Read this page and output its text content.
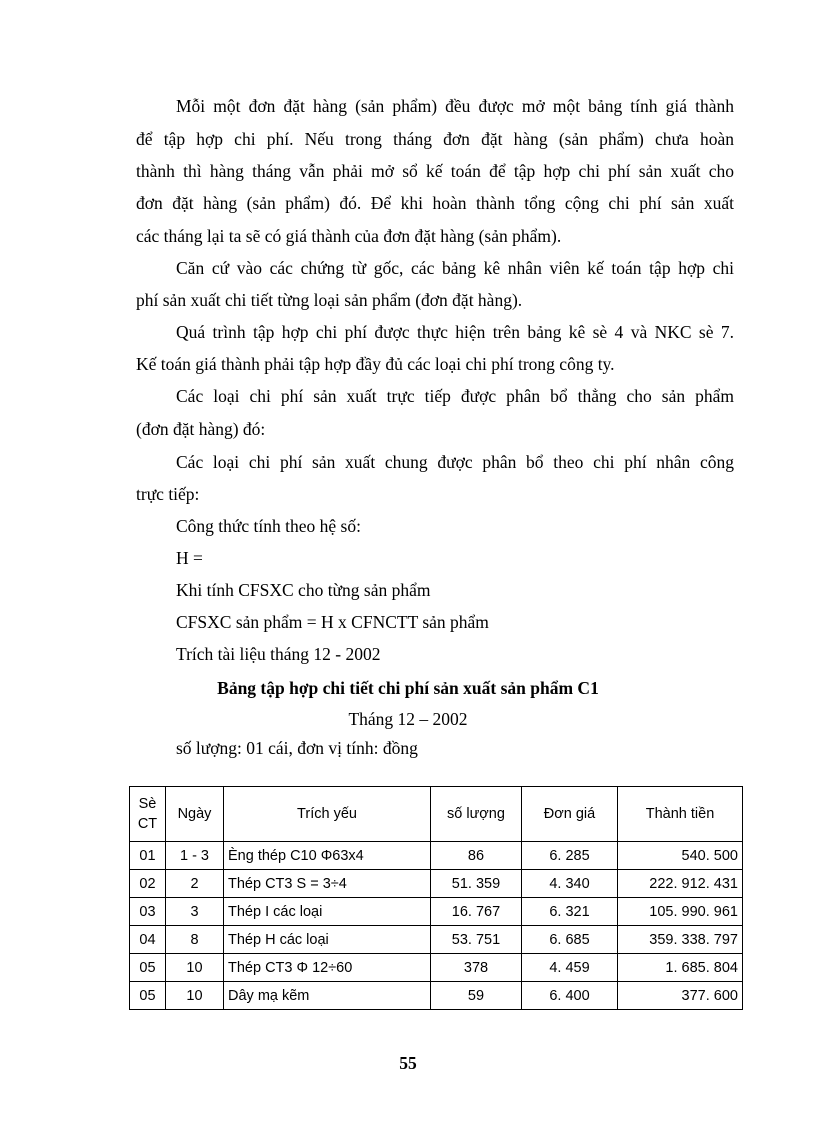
Mỗi một đơn đặt hàng (sản phẩm) đều được mở một bảng tính giá thành
để tập hợp chi phí. Nếu trong tháng đơn đặt hàng (sản phẩm) chưa hoàn
thành thì hàng tháng vẫn phải mở sổ kế toán để tập hợp chi phí sản xuất cho
đơn đặt hàng (sản phẩm) đó. Để khi hoàn thành tổng cộng chi phí sản xuất
các tháng lại ta sẽ có giá thành của đơn đặt hàng (sản phẩm).
Căn cứ vào các chứng từ gốc, các bảng kê nhân viên kế toán tập hợp chi
phí sản xuất chi tiết từng loại sản phẩm (đơn đặt hàng).
Quá trình tập hợp chi phí được thực hiện trên bảng kê sè 4 và NKC sè 7.
Kế toán giá thành phải tập hợp đầy đủ các loại chi phí trong công ty.
Các loại chi phí sản xuất trực tiếp được phân bổ thẳng cho sản phẩm
(đơn đặt hàng) đó:
Các loại chi phí sản xuất chung được phân bổ theo chi phí nhân công
trực tiếp:
Công thức tính theo hệ số:
H =
Khi tính CFSXC cho từng sản phẩm
CFSXC sản phẩm = H x CFNCTT sản phẩm
Trích tài liệu tháng 12 - 2002
Bảng tập hợp chi tiết chi phí sản xuất sản phẩm C1
Tháng 12 – 2002
số lượng: 01 cái, đơn vị tính: đồng
Sè CT	Ngày	Trích yếu	số lượng	Đơn giá	Thành tiền
01	1 - 3	Èng thép C10 Φ63x4	86	6. 285	540. 500
02	2	Thép CT3 S = 3÷4	51. 359	4. 340	222. 912. 431
03	3	Thép I các loại	16. 767	6. 321	105. 990. 961
04	8	Thép H các loại	53. 751	6. 685	359. 338. 797
05	10	Thép CT3 Φ 12÷60	378	4. 459	1. 685. 804
05	10	Dây mạ kẽm	59	6. 400	377. 600
55
